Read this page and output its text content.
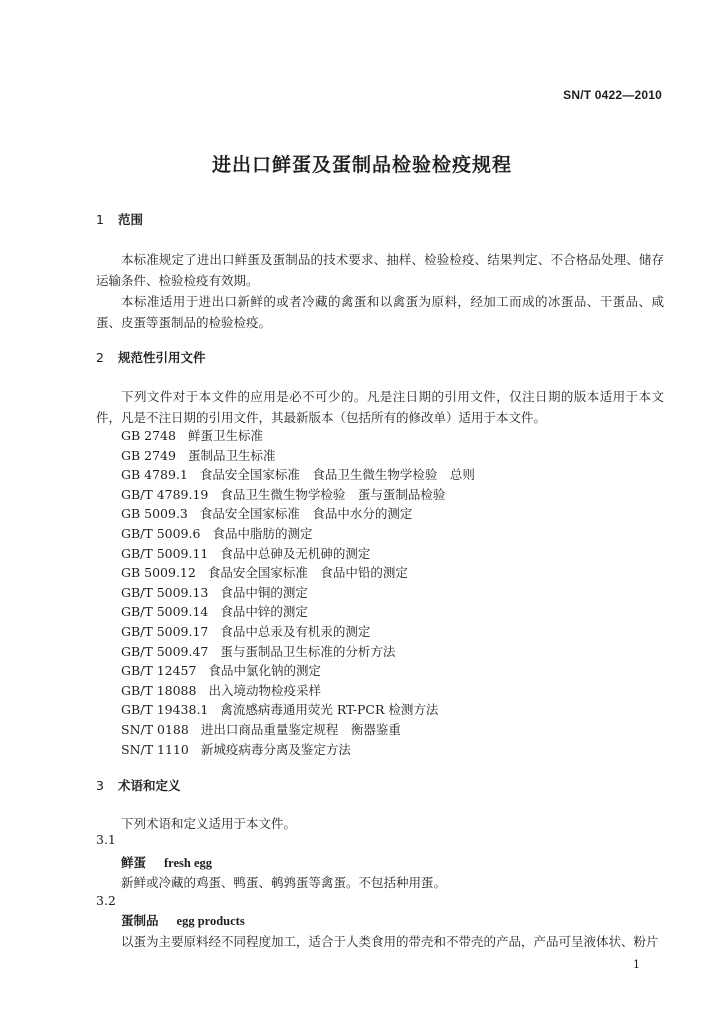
SN/T 0422—2010
进出口鲜蛋及蛋制品检验检疫规程
1 范围
本标准规定了进出口鲜蛋及蛋制品的技术要求、抽样、检验检疫、结果判定、不合格品处理、储存运输条件、检验检疫有效期。
本标准适用于进出口新鲜的或者冷藏的禽蛋和以禽蛋为原料，经加工而成的冰蛋品、干蛋品、咸蛋、皮蛋等蛋制品的检验检疫。
2 规范性引用文件
下列文件对于本文件的应用是必不可少的。凡是注日期的引用文件，仅注日期的版本适用于本文件，凡是不注日期的引用文件，其最新版本（包括所有的修改单）适用于本文件。
GB 2748 鲜蛋卫生标准
GB 2749 蛋制品卫生标准
GB 4789.1 食品安全国家标准　食品卫生微生物学检验　总则
GB/T 4789.19 食品卫生微生物学检验　蛋与蛋制品检验
GB 5009.3 食品安全国家标准　食品中水分的测定
GB/T 5009.6 食品中脂肪的测定
GB/T 5009.11 食品中总砷及无机砷的测定
GB 5009.12 食品安全国家标准　食品中铅的测定
GB/T 5009.13 食品中铜的测定
GB/T 5009.14 食品中锌的测定
GB/T 5009.17 食品中总汞及有机汞的测定
GB/T 5009.47 蛋与蛋制品卫生标准的分析方法
GB/T 12457 食品中氯化钠的测定
GB/T 18088 出入境动物检疫采样
GB/T 19438.1 禽流感病毒通用荧光 RT-PCR 检测方法
SN/T 0188 进出口商品重量鉴定规程　衡器鉴重
SN/T 1110 新城疫病毒分离及鉴定方法
3 术语和定义
下列术语和定义适用于本文件。
3.1
鲜蛋 fresh egg
新鲜或冷藏的鸡蛋、鸭蛋、鹌鹑蛋等禽蛋。不包括种用蛋。
3.2
蛋制品 egg products
以蛋为主要原料经不同程度加工，适合于人类食用的带壳和不带壳的产品，产品可呈液体状、粉片
1
